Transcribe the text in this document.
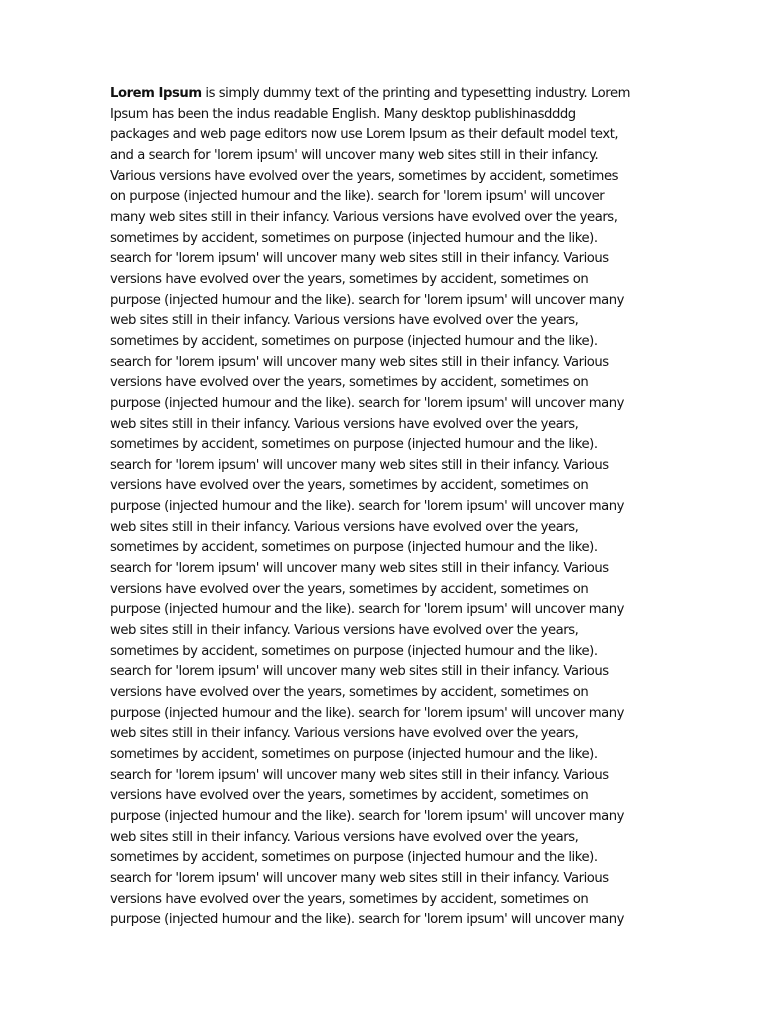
Lorem Ipsum is simply dummy text of the printing and typesetting industry. Lorem
Ipsum has been the indus readable English. Many desktop publishinasdddg
packages and web page editors now use Lorem Ipsum as their default model text,
and a search for 'lorem ipsum' will uncover many web sites still in their infancy.
Various versions have evolved over the years, sometimes by accident, sometimes
on purpose (injected humour and the like). search for 'lorem ipsum' will uncover
many web sites still in their infancy. Various versions have evolved over the years,
sometimes by accident, sometimes on purpose (injected humour and the like).
search for 'lorem ipsum' will uncover many web sites still in their infancy. Various
versions have evolved over the years, sometimes by accident, sometimes on
purpose (injected humour and the like). search for 'lorem ipsum' will uncover many
web sites still in their infancy. Various versions have evolved over the years,
sometimes by accident, sometimes on purpose (injected humour and the like).
search for 'lorem ipsum' will uncover many web sites still in their infancy. Various
versions have evolved over the years, sometimes by accident, sometimes on
purpose (injected humour and the like). search for 'lorem ipsum' will uncover many
web sites still in their infancy. Various versions have evolved over the years,
sometimes by accident, sometimes on purpose (injected humour and the like).
search for 'lorem ipsum' will uncover many web sites still in their infancy. Various
versions have evolved over the years, sometimes by accident, sometimes on
purpose (injected humour and the like). search for 'lorem ipsum' will uncover many
web sites still in their infancy. Various versions have evolved over the years,
sometimes by accident, sometimes on purpose (injected humour and the like).
search for 'lorem ipsum' will uncover many web sites still in their infancy. Various
versions have evolved over the years, sometimes by accident, sometimes on
purpose (injected humour and the like). search for 'lorem ipsum' will uncover many
web sites still in their infancy. Various versions have evolved over the years,
sometimes by accident, sometimes on purpose (injected humour and the like).
search for 'lorem ipsum' will uncover many web sites still in their infancy. Various
versions have evolved over the years, sometimes by accident, sometimes on
purpose (injected humour and the like). search for 'lorem ipsum' will uncover many
web sites still in their infancy. Various versions have evolved over the years,
sometimes by accident, sometimes on purpose (injected humour and the like).
search for 'lorem ipsum' will uncover many web sites still in their infancy. Various
versions have evolved over the years, sometimes by accident, sometimes on
purpose (injected humour and the like). search for 'lorem ipsum' will uncover many
web sites still in their infancy. Various versions have evolved over the years,
sometimes by accident, sometimes on purpose (injected humour and the like).
search for 'lorem ipsum' will uncover many web sites still in their infancy. Various
versions have evolved over the years, sometimes by accident, sometimes on
purpose (injected humour and the like). search for 'lorem ipsum' will uncover many
